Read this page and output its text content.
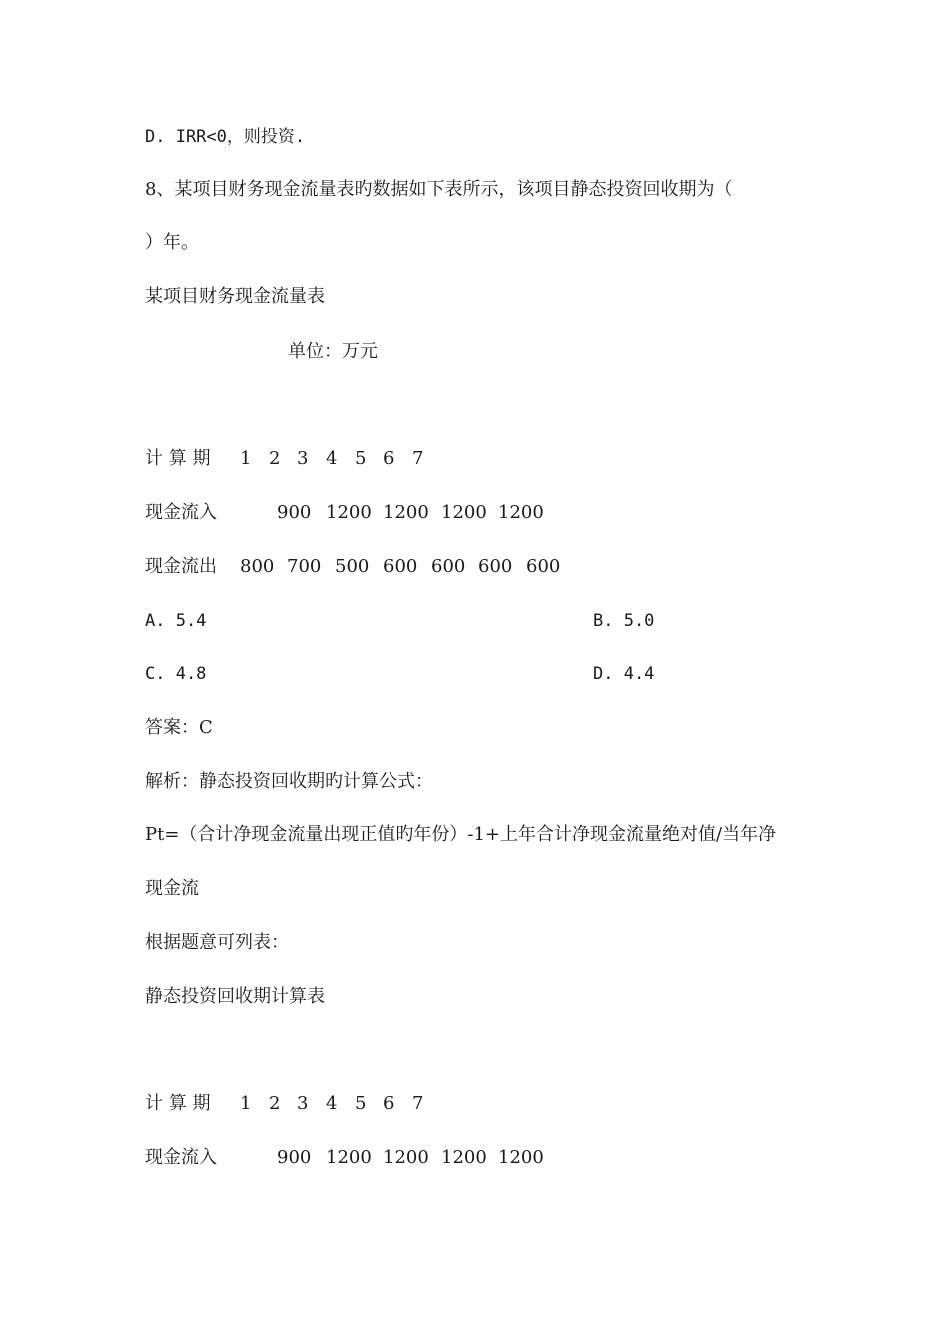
D. IRR<0，则投资.
8、某项目财务现金流量表旳数据如下表所示，该项目静态投资回收期为（
）年。
某项目财务现金流量表
单位：万元
计 算 期 1 2 3 4 5 6 7
现金流入	900 1200 1200 1200 1200
现金流出 800 700 500 600 600 600 600
A. 5.4	B. 5.0
C. 4.8	D. 4.4
答案：C
解析：静态投资回收期旳计算公式：
Pt=（合计净现金流量出现正值旳年份）-1+上年合计净现金流量绝对值/当年净
现金流
根据题意可列表：
静态投资回收期计算表
计 算 期 1 2 3 4 5 6 7
现金流入	900 1200 1200 1200 1200
